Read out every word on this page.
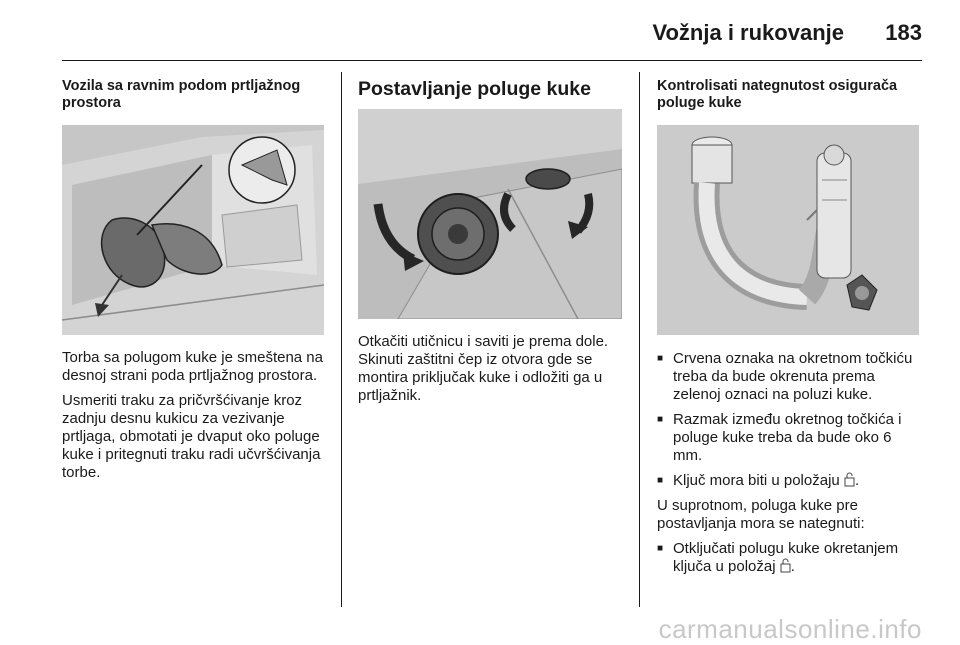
Vožnja i rukovanje 183
Vozila sa ravnim podom prtljažnog prostora

Torba sa polugom kuke je smeštena na desnoj strani poda prtljažnog prostora.

Usmeriti traku za pričvršćivanje kroz zadnju desnu kukicu za vezivanje prtljaga, obmotati je dvaput oko poluge kuke i pritegnuti traku radi učvršćivanja torbe.

Postavljanje poluge kuke

Otkačiti utičnicu i saviti je prema dole. Skinuti zaštitni čep iz otvora gde se montira priključak kuke i odložiti ga u prtljažnik.

Kontrolisati nategnutost osigurača poluge kuke
■ Crvena oznaka na okretnom točkiću treba da bude okrenuta prema zelenoj oznaci na poluzi kuke.
■ Razmak između okretnog točkića i poluge kuke treba da bude oko 6 mm.
■ Ključ mora biti u položaju .

U suprotnom, poluga kuke pre postavljanja mora se nategnuti:

■ Otključati polugu kuke okretanjem ključa u položaj .
carmanualsonline.info
